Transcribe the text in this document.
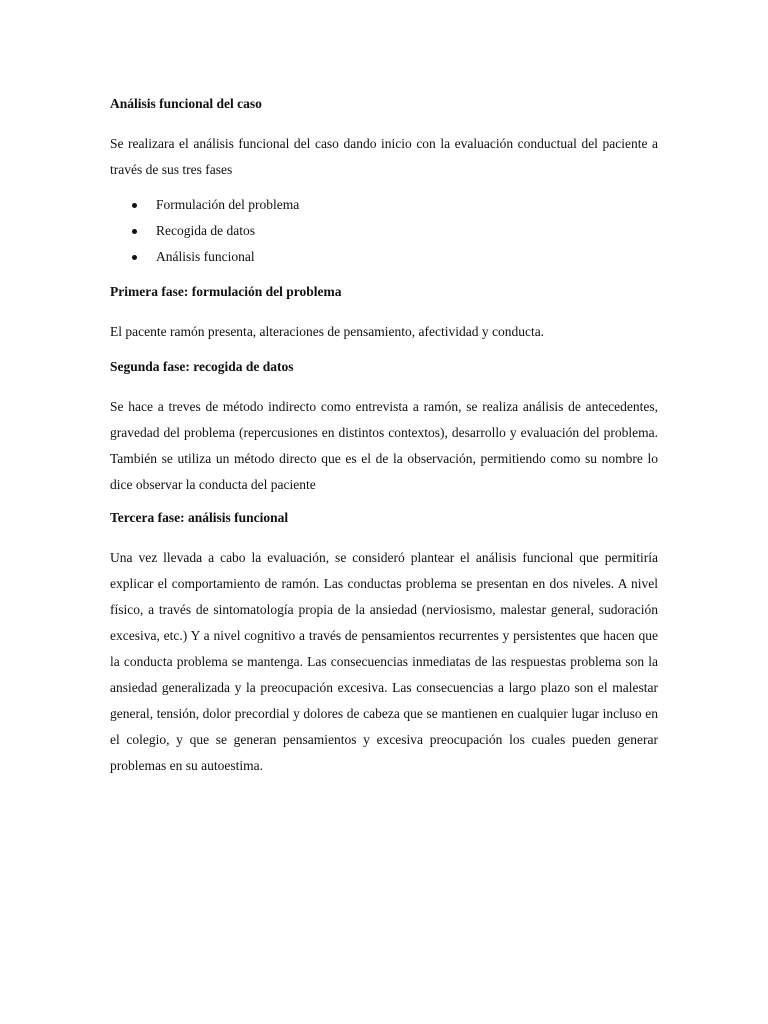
Análisis funcional del caso

Se realizara el análisis funcional del caso dando inicio con la evaluación conductual del paciente a través de sus tres fases

Formulación del problema
Recogida de datos
Análisis funcional
Primera fase: formulación del problema

El pacente ramón presenta, alteraciones de pensamiento, afectividad y conducta.

Segunda fase: recogida de datos

Se hace a treves de método indirecto como entrevista a ramón, se realiza análisis de antecedentes, gravedad del problema (repercusiones en distintos contextos), desarrollo y evaluación del problema. También se utiliza un método directo que es el de la observación, permitiendo como su nombre lo dice observar la conducta del paciente

Tercera fase: análisis funcional

Una vez llevada a cabo la evaluación, se consideró plantear el análisis funcional que permitiría explicar el comportamiento de ramón. Las conductas problema se presentan en dos niveles. A nivel físico, a través de sintomatología propia de la ansiedad (nerviosismo, malestar general, sudoración excesiva, etc.) Y a nivel cognitivo a través de pensamientos recurrentes y persistentes que hacen que la conducta problema se mantenga. Las consecuencias inmediatas de las respuestas problema son la ansiedad generalizada y la preocupación excesiva. Las consecuencias a largo plazo son el malestar general, tensión, dolor precordial y dolores de cabeza que se mantienen en cualquier lugar incluso en el colegio, y que se generan pensamientos y excesiva preocupación los cuales pueden generar problemas en su autoestima.
